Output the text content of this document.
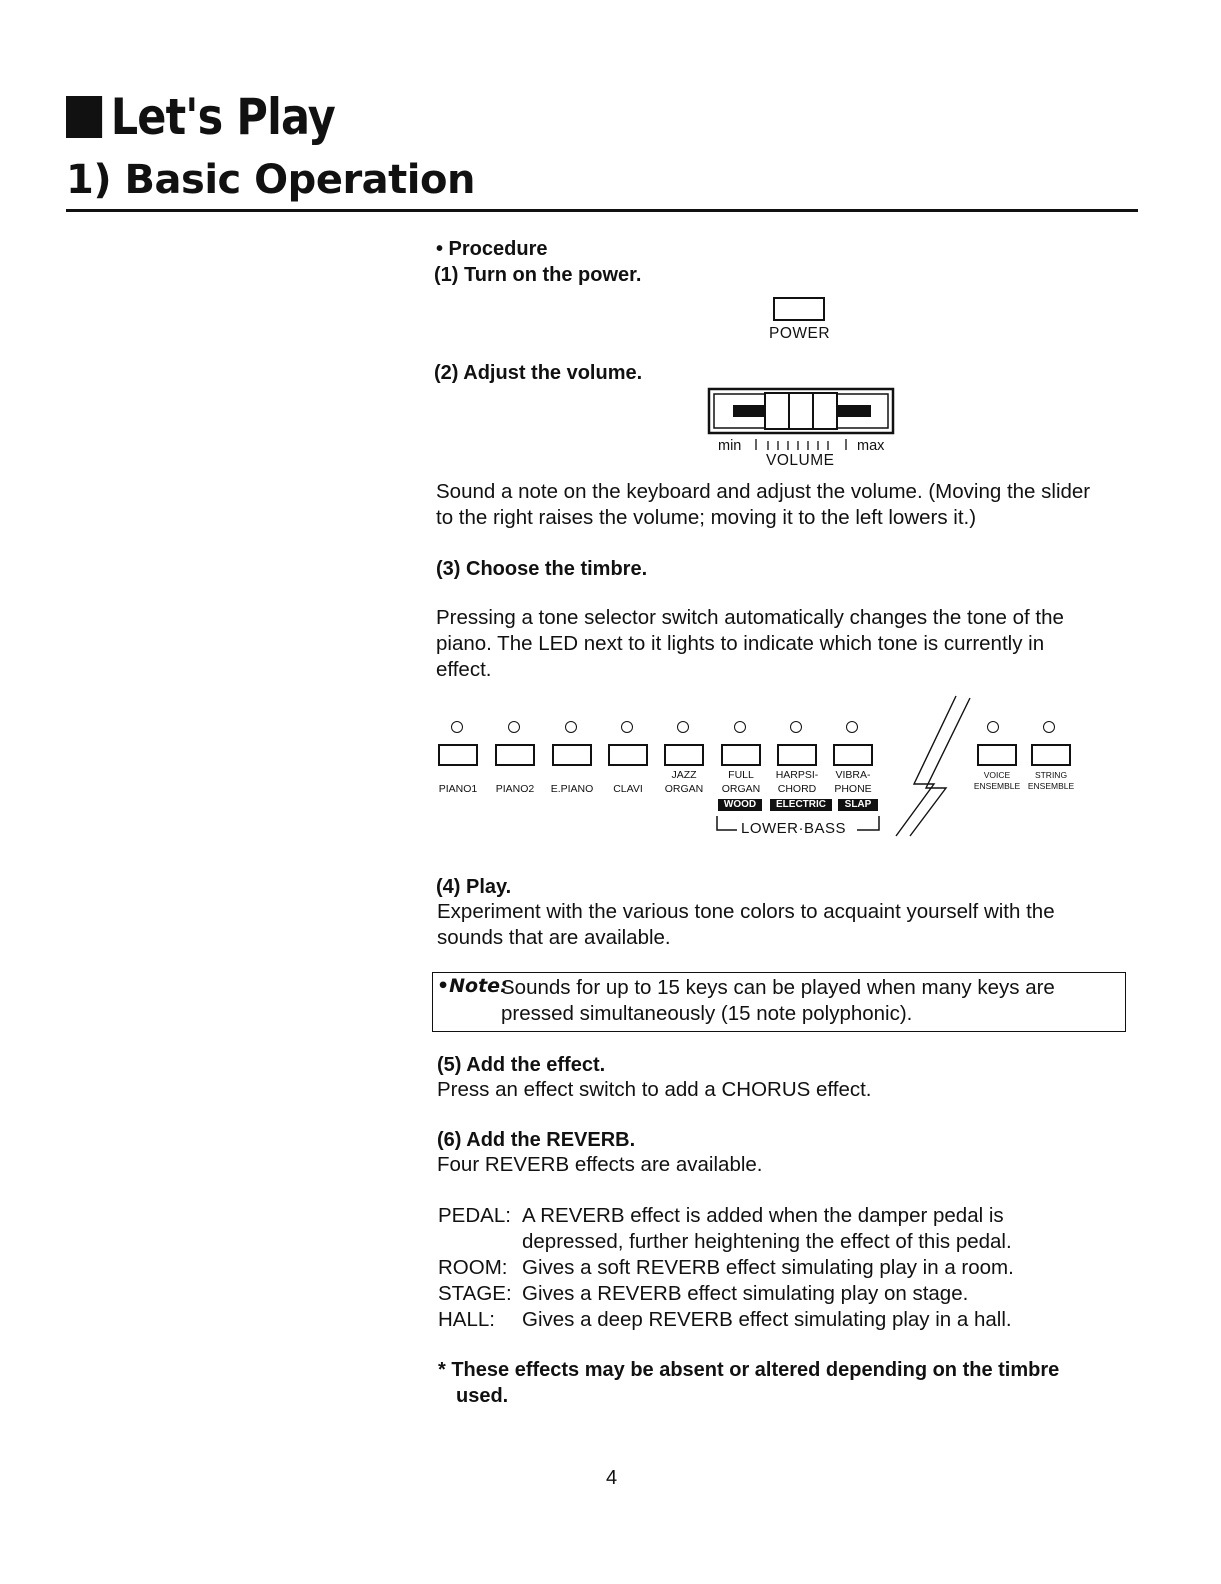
Let's Play
1) Basic Operation
• Procedure
(1) Turn on the power.
POWER
(2) Adjust the volume.
min	max
VOLUME
Sound a note on the keyboard and adjust the volume. (Moving the slider
to the right raises the volume; moving it to the left lowers it.)
(3) Choose the timbre.
Pressing a tone selector switch automatically changes the tone of the
piano. The LED next to it lights to indicate which tone is currently in
effect.
JAZZ	FULL	HARPSI-	VIBRA-	VOICE	STRING
PIANO1	PIANO2	E.PIANO	CLAVI	ORGAN	ORGAN	CHORD	PHONE	ENSEMBLE ENSEMBLE
WOOD	ELECTRIC	SLAP
LOWER·BASS
(4) Play.
Experiment with the various tone colors to acquaint yourself with the
sounds that are available.
•Note:
Sounds for up to 15 keys can be played when many keys are
pressed simultaneously (15 note polyphonic).
(5) Add the effect.
Press an effect switch to add a CHORUS effect.
(6) Add the REVERB.
Four REVERB effects are available.
PEDAL: A REVERB effect is added when the damper pedal is
depressed, further heightening the effect of this pedal.
ROOM: Gives a soft REVERB effect simulating play in a room.
STAGE: Gives a REVERB effect simulating play on stage.
HALL:	Gives a deep REVERB effect simulating play in a hall.
* These effects may be absent or altered depending on the timbre
used.
4
